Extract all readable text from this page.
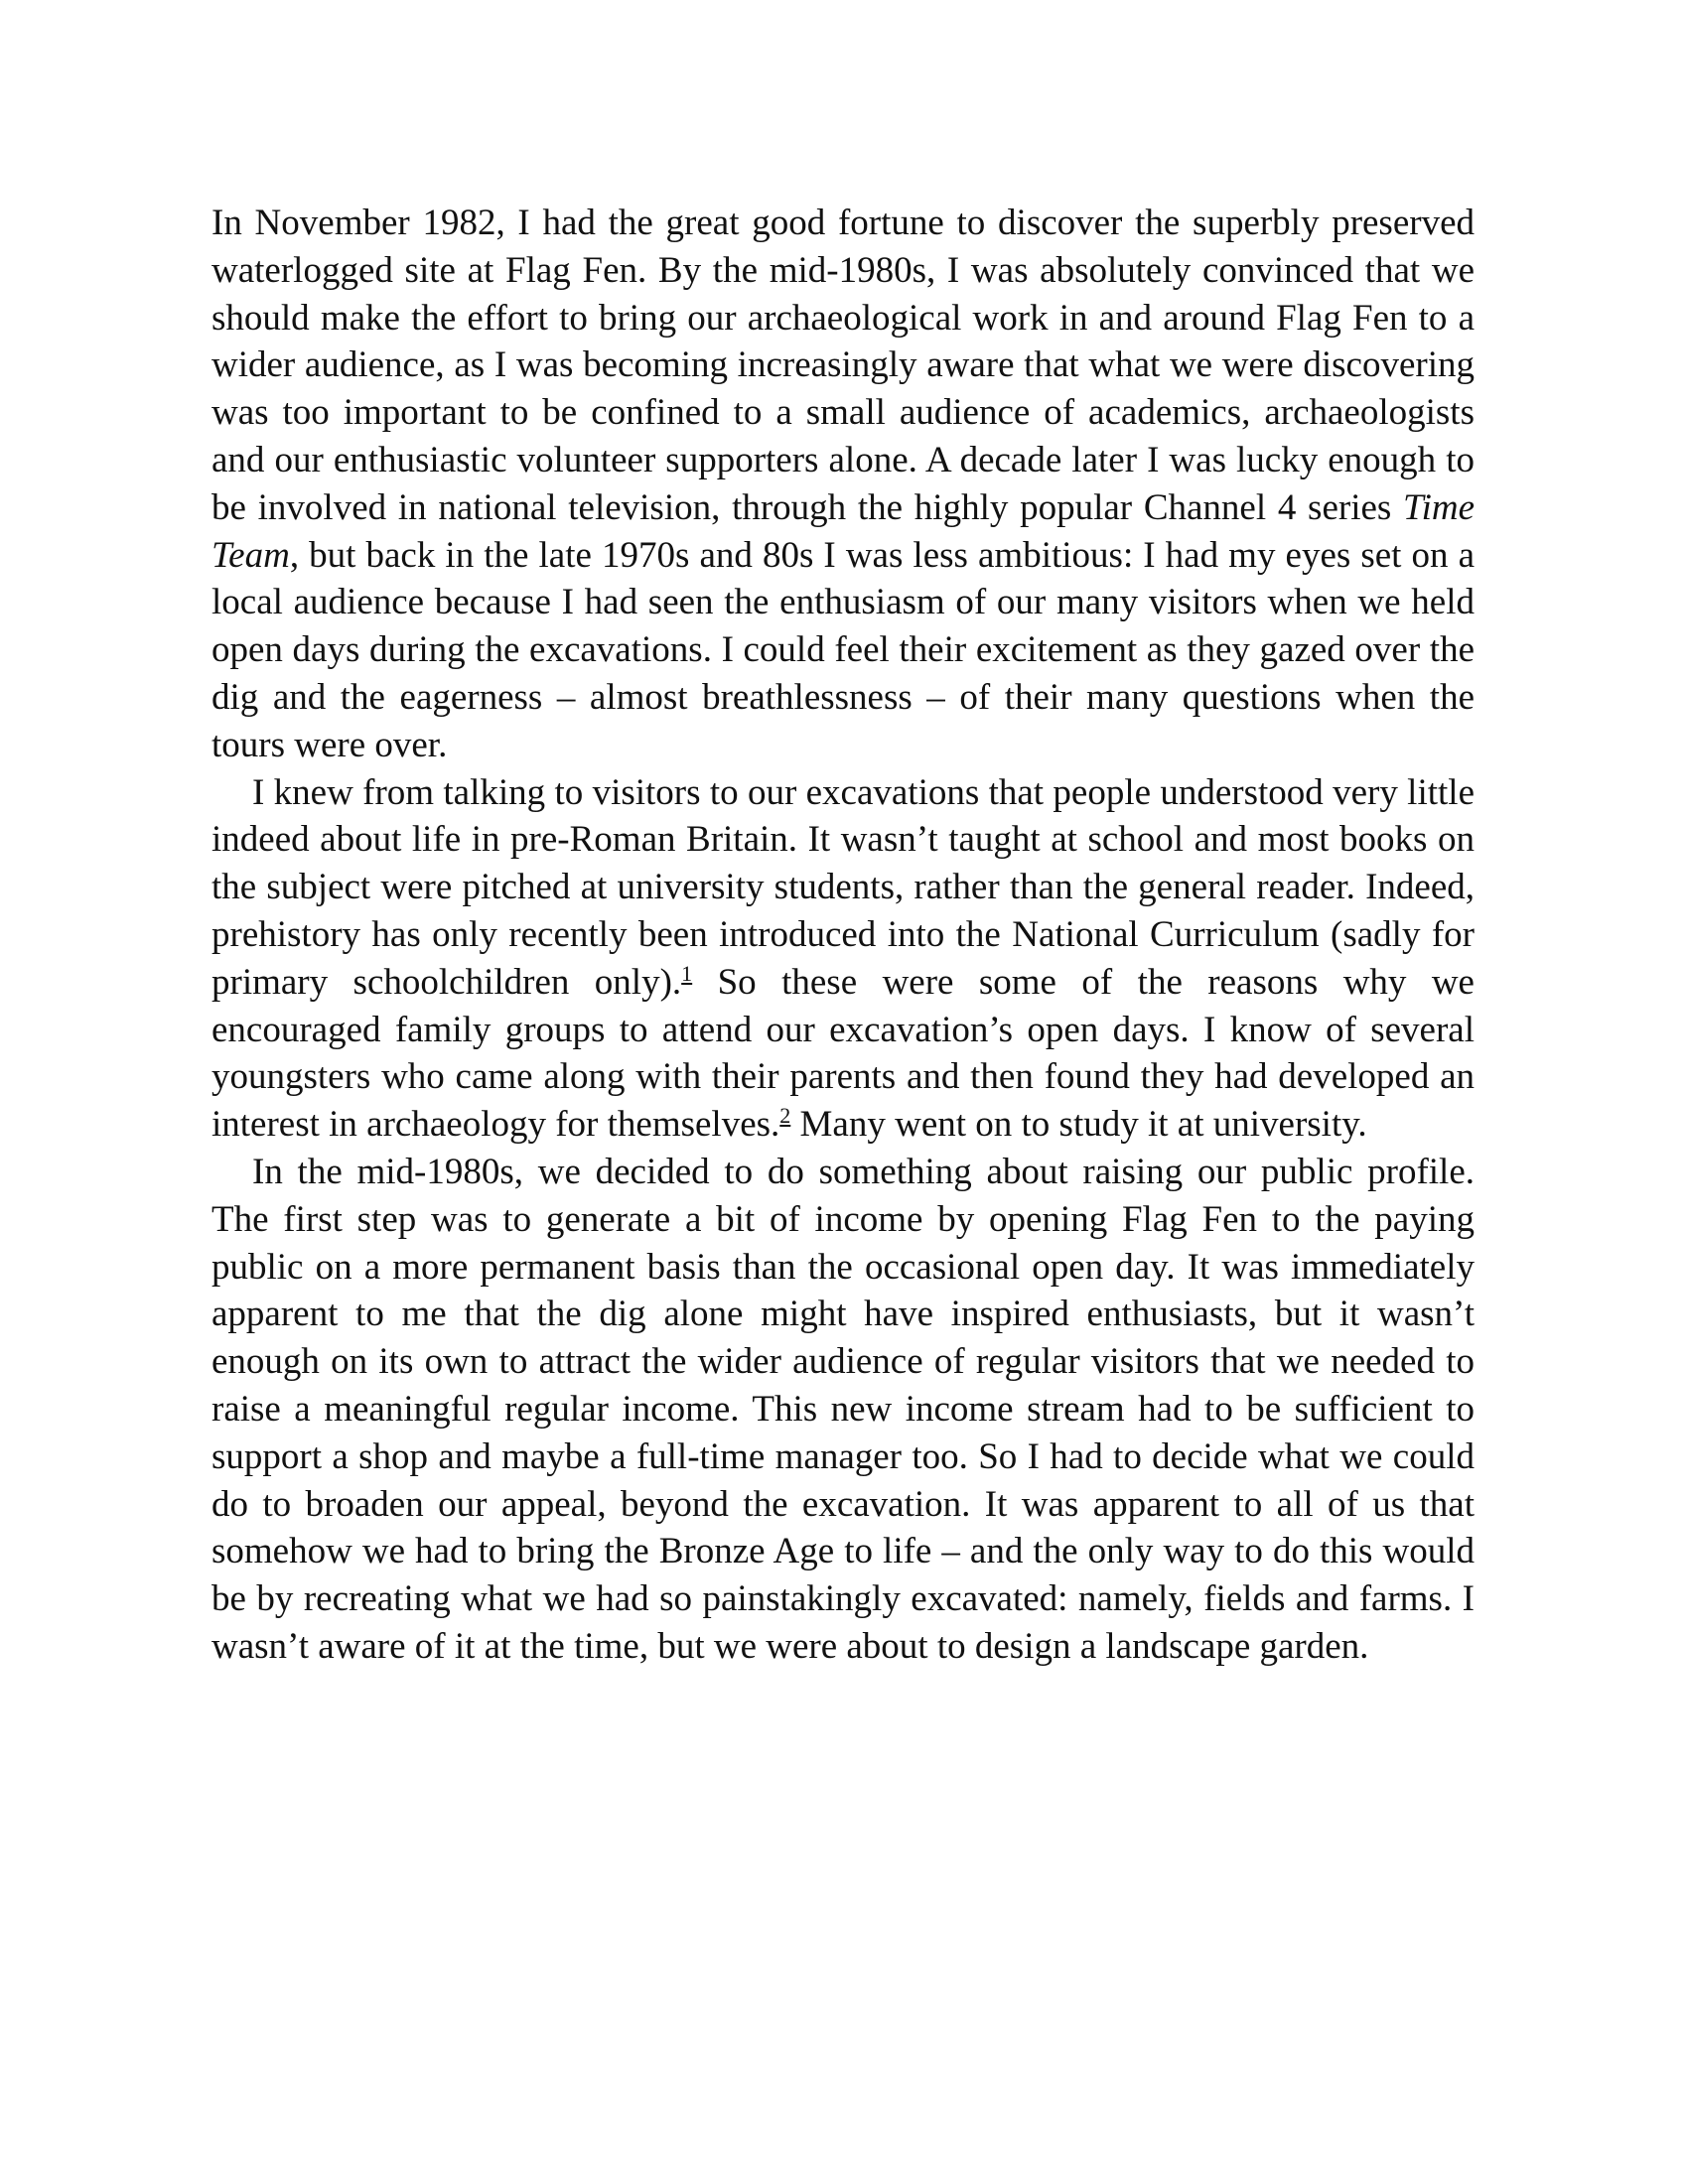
In November 1982, I had the great good fortune to discover the superbly preserved waterlogged site at Flag Fen. By the mid-1980s, I was absolutely convinced that we should make the effort to bring our archaeological work in and around Flag Fen to a wider audience, as I was becoming increasingly aware that what we were discovering was too important to be confined to a small audience of academics, archaeologists and our enthusiastic volunteer supporters alone. A decade later I was lucky enough to be involved in national television, through the highly popular Channel 4 series Time Team, but back in the late 1970s and 80s I was less ambitious: I had my eyes set on a local audience because I had seen the enthusiasm of our many visitors when we held open days during the excavations. I could feel their excitement as they gazed over the dig and the eagerness – almost breathlessness – of their many questions when the tours were over.

I knew from talking to visitors to our excavations that people understood very little indeed about life in pre-Roman Britain. It wasn’t taught at school and most books on the subject were pitched at university students, rather than the general reader. Indeed, prehistory has only recently been introduced into the National Curriculum (sadly for primary schoolchildren only).$^1$ So these were some of the reasons why we encouraged family groups to attend our excavation’s open days. I know of several youngsters who came along with their parents and then found they had developed an interest in archaeology for themselves.$^2$ Many went on to study it at university.

In the mid-1980s, we decided to do something about raising our public profile. The first step was to generate a bit of income by opening Flag Fen to the paying public on a more permanent basis than the occasional open day. It was immediately apparent to me that the dig alone might have inspired enthusiasts, but it wasn’t enough on its own to attract the wider audience of regular visitors that we needed to raise a meaningful regular income. This new income stream had to be sufficient to support a shop and maybe a full-time manager too. So I had to decide what we could do to broaden our appeal, beyond the excavation. It was apparent to all of us that somehow we had to bring the Bronze Age to life – and the only way to do this would be by recreating what we had so painstakingly excavated: namely, fields and farms. I wasn’t aware of it at the time, but we were about to design a landscape garden.
